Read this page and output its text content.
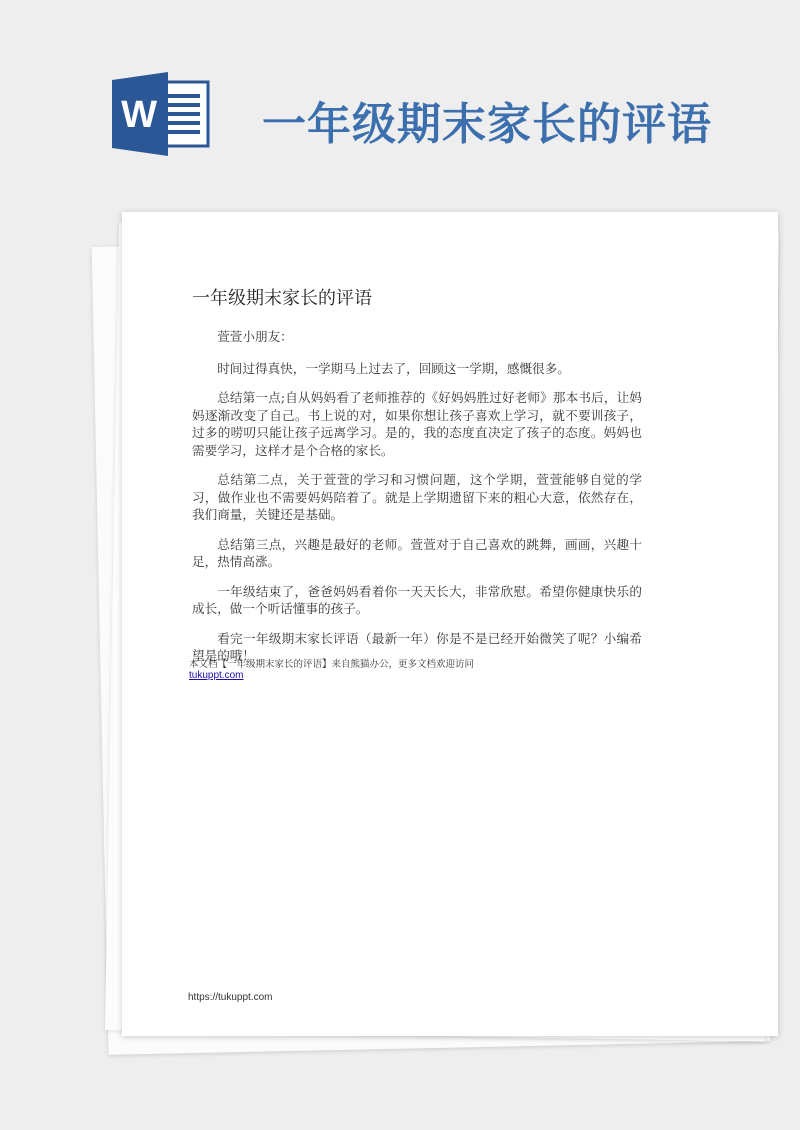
W 一年级期末家长的评语
一年级期末家长的评语

萱萱小朋友：

时间过得真快，一学期马上过去了，回顾这一学期，感慨很多。

总结第一点;自从妈妈看了老师推荐的《好妈妈胜过好老师》那本书后，让妈妈逐渐改变了自己。书上说的对，如果你想让孩子喜欢上学习，就不要训孩子，过多的唠叨只能让孩子远离学习。是的，我的态度直决定了孩子的态度。妈妈也需要学习，这样才是个合格的家长。

总结第二点，关于萱萱的学习和习惯问题，这个学期，萱萱能够自觉的学习，做作业也不需要妈妈陪着了。就是上学期遗留下来的粗心大意，依然存在，我们商量，关键还是基础。

总结第三点，兴趣是最好的老师。萱萱对于自己喜欢的跳舞，画画，兴趣十足，热情高涨。

一年级结束了，爸爸妈妈看着你一天天长大，非常欣慰。希望你健康快乐的成长，做一个听话懂事的孩子。

看完一年级期末家长评语（最新一年）你是不是已经开始微笑了呢？小编希望是的哦！

本文档【一年级期末家长的评语】来自熊猫办公，更多文档欢迎访问
tukuppt.com
https://tukuppt.com
